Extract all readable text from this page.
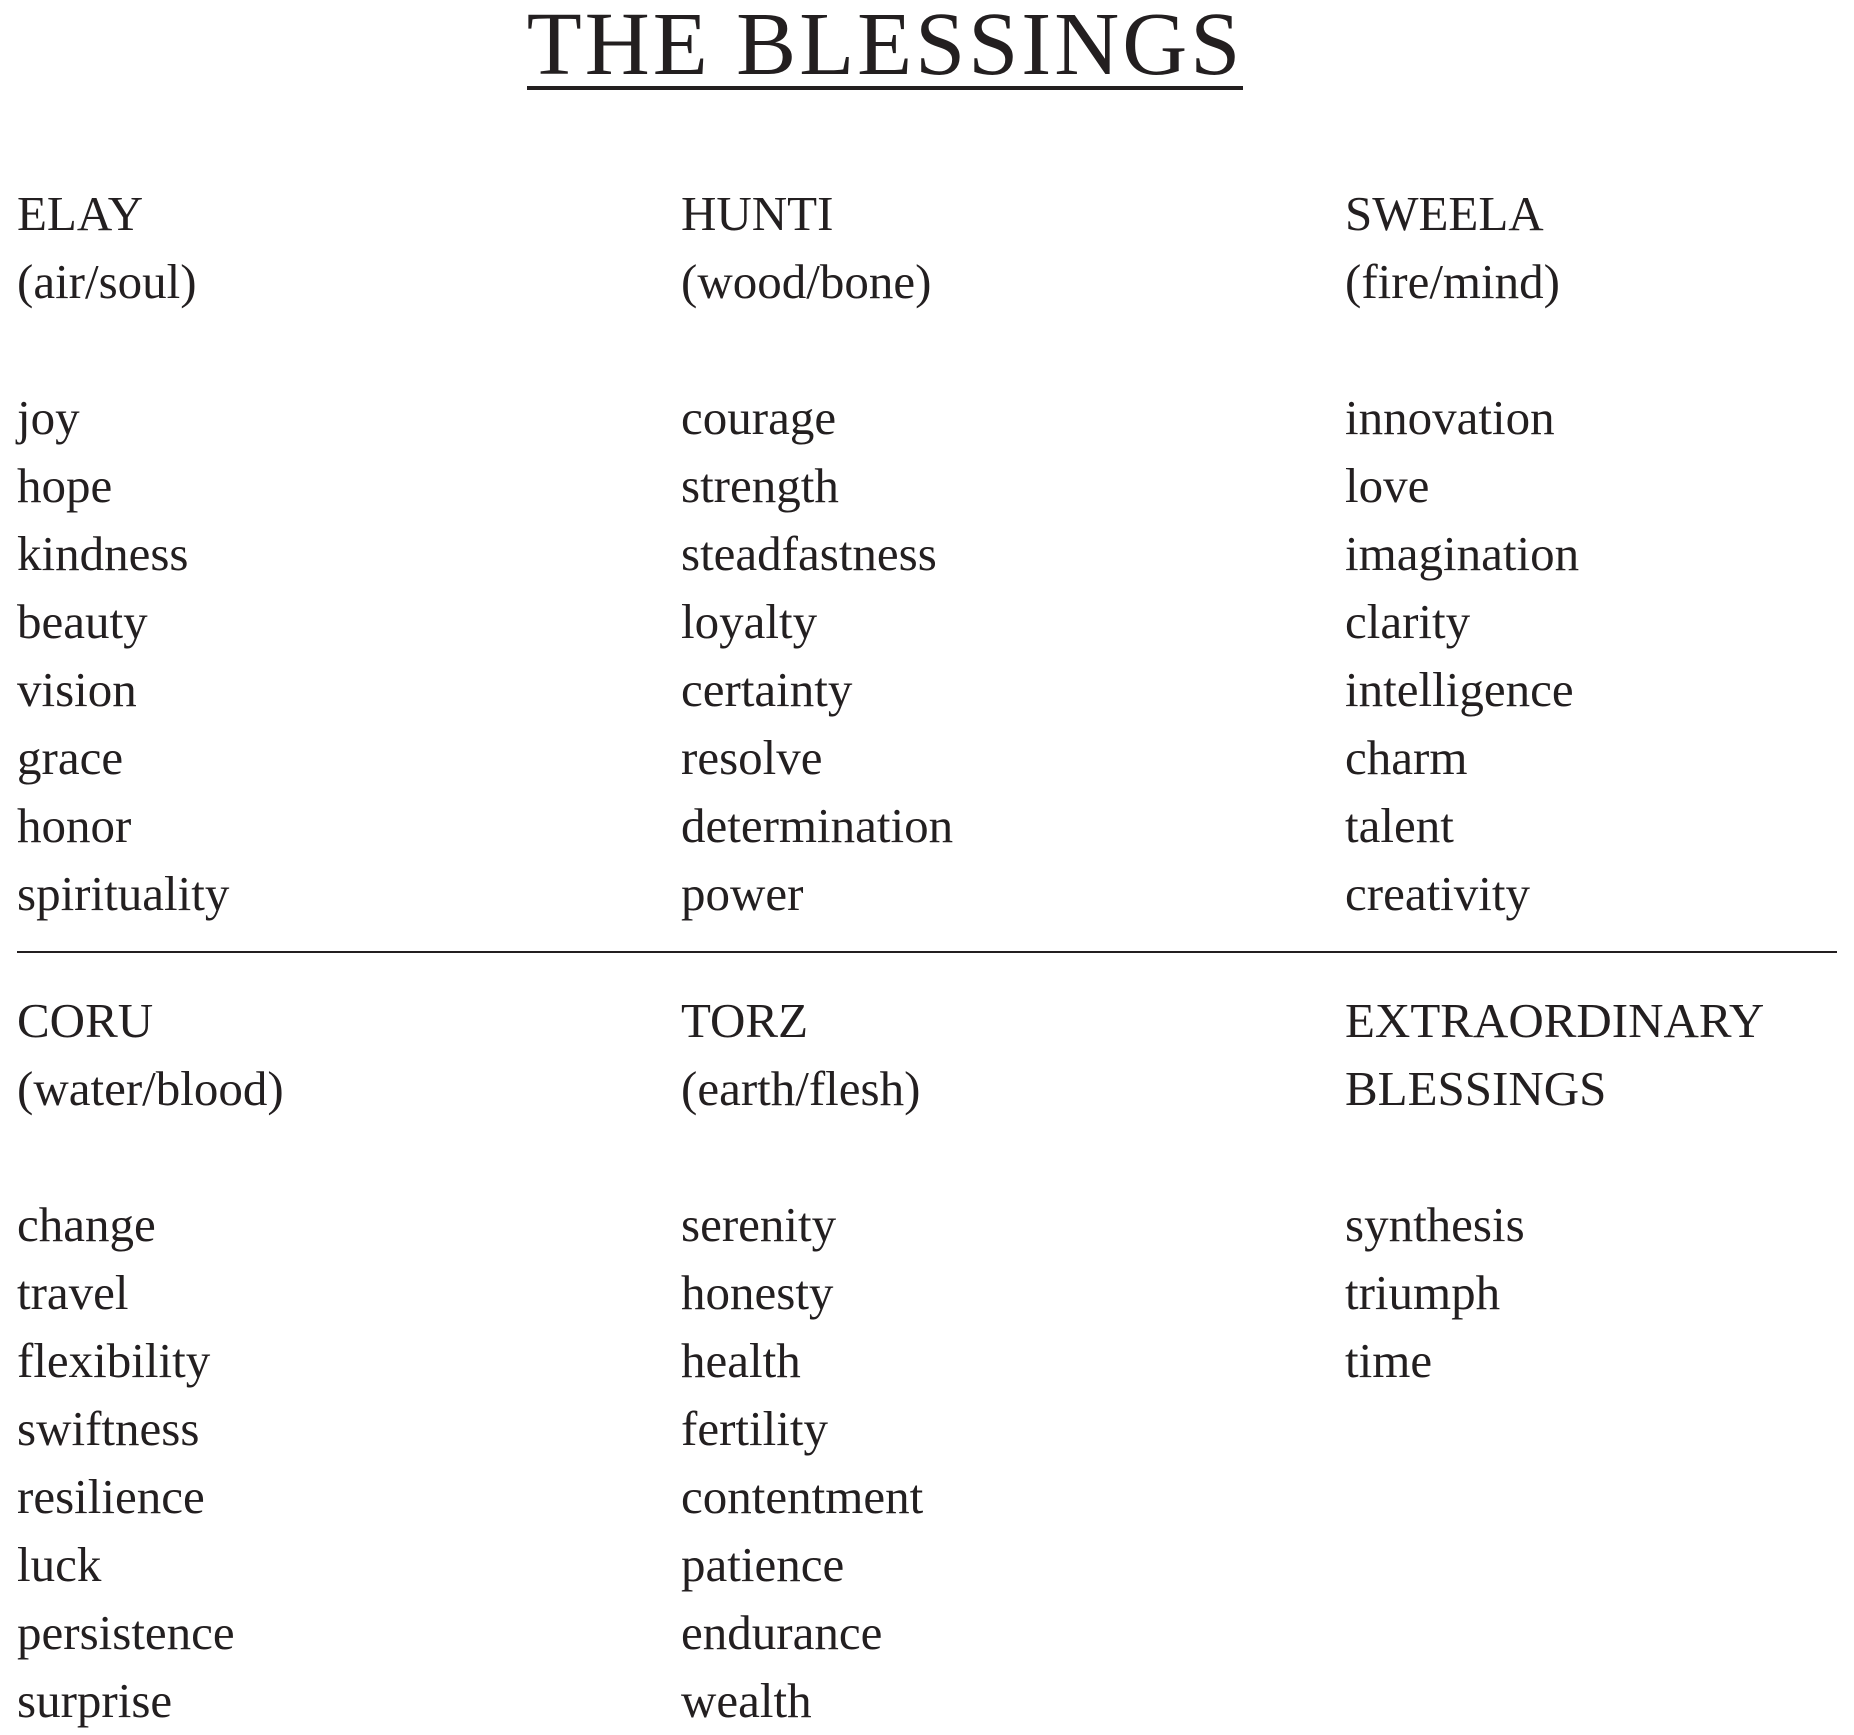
THE BLESSINGS
ELAY
(air/soul)
joy
hope
kindness
beauty
vision
grace
honor
spirituality
HUNTI
(wood/bone)
courage
strength
steadfastness
loyalty
certainty
resolve
determination
power
SWEELA
(fire/mind)
innovation
love
imagination
clarity
intelligence
charm
talent
creativity
CORU
(water/blood)
change
travel
flexibility
swiftness
resilience
luck
persistence
surprise
TORZ
(earth/flesh)
serenity
honesty
health
fertility
contentment
patience
endurance
wealth
EXTRAORDINARY
BLESSINGS
synthesis
triumph
time
